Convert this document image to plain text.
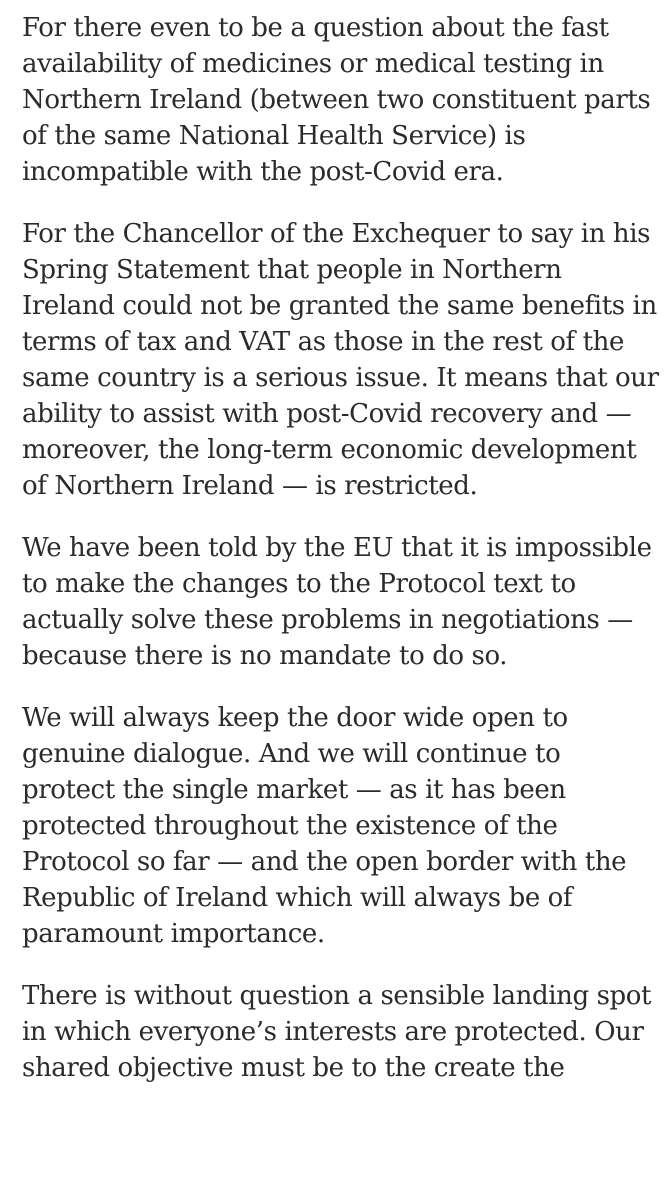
For there even to be a question about the fast
availability of medicines or medical testing in
Northern Ireland (between two constituent parts
of the same National Health Service) is
incompatible with the post-Covid era.

For the Chancellor of the Exchequer to say in his
Spring Statement that people in Northern
Ireland could not be granted the same benefits in
terms of tax and VAT as those in the rest of the
same country is a serious issue. It means that our
ability to assist with post-Covid recovery and —
moreover, the long-term economic development
of Northern Ireland — is restricted.

We have been told by the EU that it is impossible
to make the changes to the Protocol text to
actually solve these problems in negotiations —
because there is no mandate to do so.

We will always keep the door wide open to
genuine dialogue. And we will continue to
protect the single market — as it has been
protected throughout the existence of the
Protocol so far — and the open border with the
Republic of Ireland which will always be of
paramount importance.

There is without question a sensible landing spot
in which everyone’s interests are protected. Our
shared objective must be to the create the
